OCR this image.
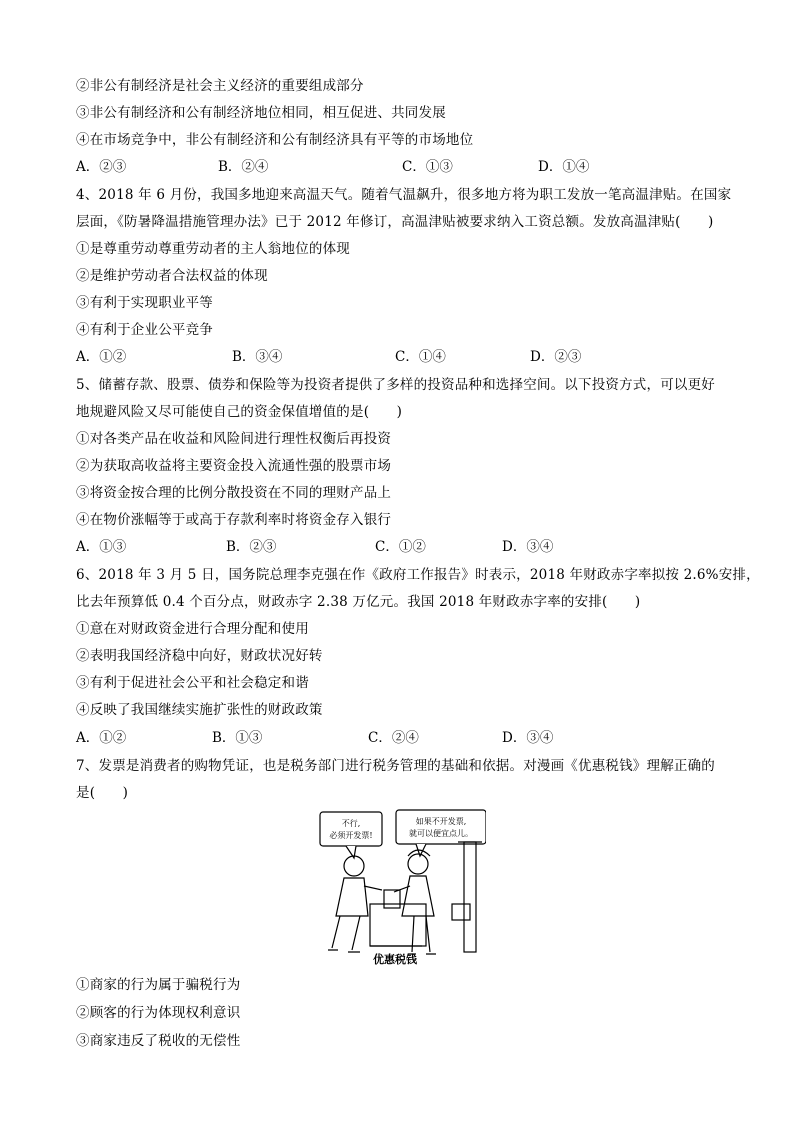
②非公有制经济是社会主义经济的重要组成部分
③非公有制经济和公有制经济地位相同，相互促进、共同发展
④在市场竞争中，非公有制经济和公有制经济具有平等的市场地位
A．②③	B．②④	C．①③	D．①④
4、2018 年 6 月份，我国多地迎来高温天气。随着气温飙升，很多地方将为职工发放一笔高温津贴。在国家
层面，《防暑降温措施管理办法》已于 2012 年修订，高温津贴被要求纳入工资总额。发放高温津贴(　　)
①是尊重劳动尊重劳动者的主人翁地位的体现
②是维护劳动者合法权益的体现
③有利于实现职业平等
④有利于企业公平竞争
A．①②	B．③④	C．①④	D．②③
5、储蓄存款、股票、债券和保险等为投资者提供了多样的投资品种和选择空间。以下投资方式，可以更好
地规避风险又尽可能使自己的资金保值增值的是(　　)
①对各类产品在收益和风险间进行理性权衡后再投资
②为获取高收益将主要资金投入流通性强的股票市场
③将资金按合理的比例分散投资在不同的理财产品上
④在物价涨幅等于或高于存款利率时将资金存入银行
A．①③	B．②③	C．①②	D．③④
6、2018 年 3 月 5 日，国务院总理李克强在作《政府工作报告》时表示，2018 年财政赤字率拟按 2.6%安排，
比去年预算低 0.4 个百分点，财政赤字 2.38 万亿元。我国 2018 年财政赤字率的安排(　　)
①意在对财政资金进行合理分配和使用
②表明我国经济稳中向好，财政状况好转
③有利于促进社会公平和社会稳定和谐
④反映了我国继续实施扩张性的财政政策
A．①②	B．①③	C．②④	D．③④
7、发票是消费者的购物凭证，也是税务部门进行税务管理的基础和依据。对漫画《优惠税钱》理解正确的
是(　　)
不行,
必须开发票!
如果不开发票,
就可以便宜点儿。
优惠税钱
①商家的行为属于骗税行为
②顾客的行为体现权利意识
③商家违反了税收的无偿性
